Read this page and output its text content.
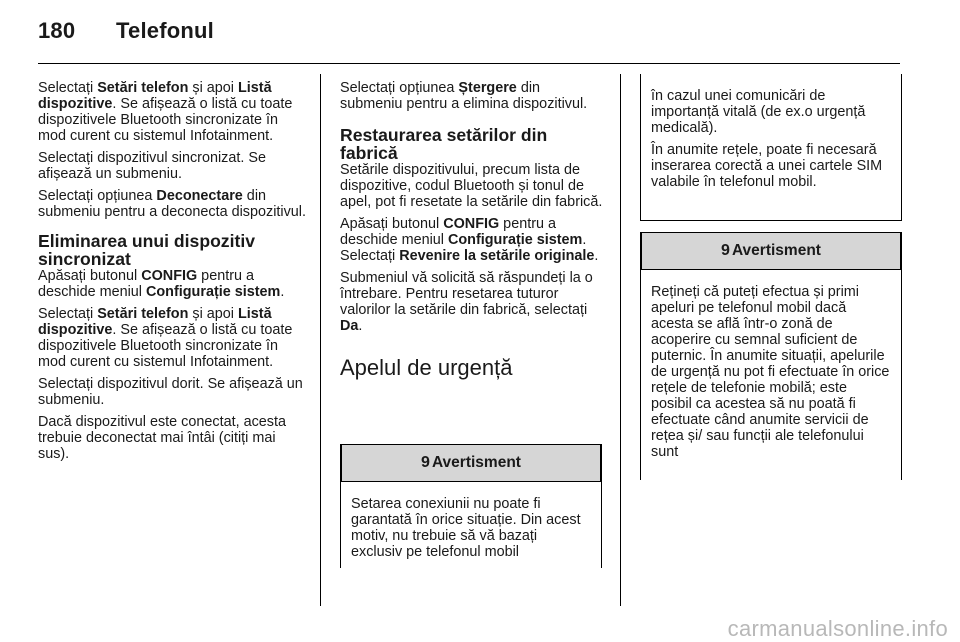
180 Telefonul

Selectați Setări telefon și apoi Listă dispozitive. Se afișează o listă cu toate dispozitivele Bluetooth sincronizate în mod curent cu sistemul Infotainment.

Selectați dispozitivul sincronizat. Se afișează un submeniu.

Selectați opțiunea Deconectare din submeniu pentru a deconecta dispozitivul.

Eliminarea unui dispozitiv sincronizat

Apăsați butonul CONFIG pentru a deschide meniul Configurație sistem.

Selectați Setări telefon și apoi Listă dispozitive. Se afișează o listă cu toate dispozitivele Bluetooth sincronizate în mod curent cu sistemul Infotainment.

Selectați dispozitivul dorit. Se afișează un submeniu.

Dacă dispozitivul este conectat, acesta trebuie deconectat mai întâi (citiți mai sus).

Selectați opțiunea Ștergere din submeniu pentru a elimina dispozitivul.

Restaurarea setărilor din fabrică

Setările dispozitivului, precum lista de dispozitive, codul Bluetooth și tonul de apel, pot fi resetate la setările din fabrică.

Apăsați butonul CONFIG pentru a deschide meniul Configurație sistem. Selectați Revenire la setările originale.

Submeniul vă solicită să răspundeți la o întrebare. Pentru resetarea tuturor valorilor la setările din fabrică, selectați Da.

Apelul de urgență
9 Avertisment
Setarea conexiunii nu poate fi garantată în orice situație. Din acest motiv, nu trebuie să vă bazați exclusiv pe telefonul mobil

în cazul unei comunicări de importanță vitală (de ex.o urgență medicală).

În anumite rețele, poate fi necesară inserarea corectă a unei cartele SIM valabile în telefonul mobil.

9 Avertisment
Rețineți că puteți efectua și primi apeluri pe telefonul mobil dacă acesta se află într-o zonă de acoperire cu semnal suficient de puternic. În anumite situații, apelurile de urgență nu pot fi efectuate în orice rețele de telefonie mobilă; este posibil ca acestea să nu poată fi efectuate când anumite servicii de rețea și/ sau funcții ale telefonului sunt
carmanualsonline.info
